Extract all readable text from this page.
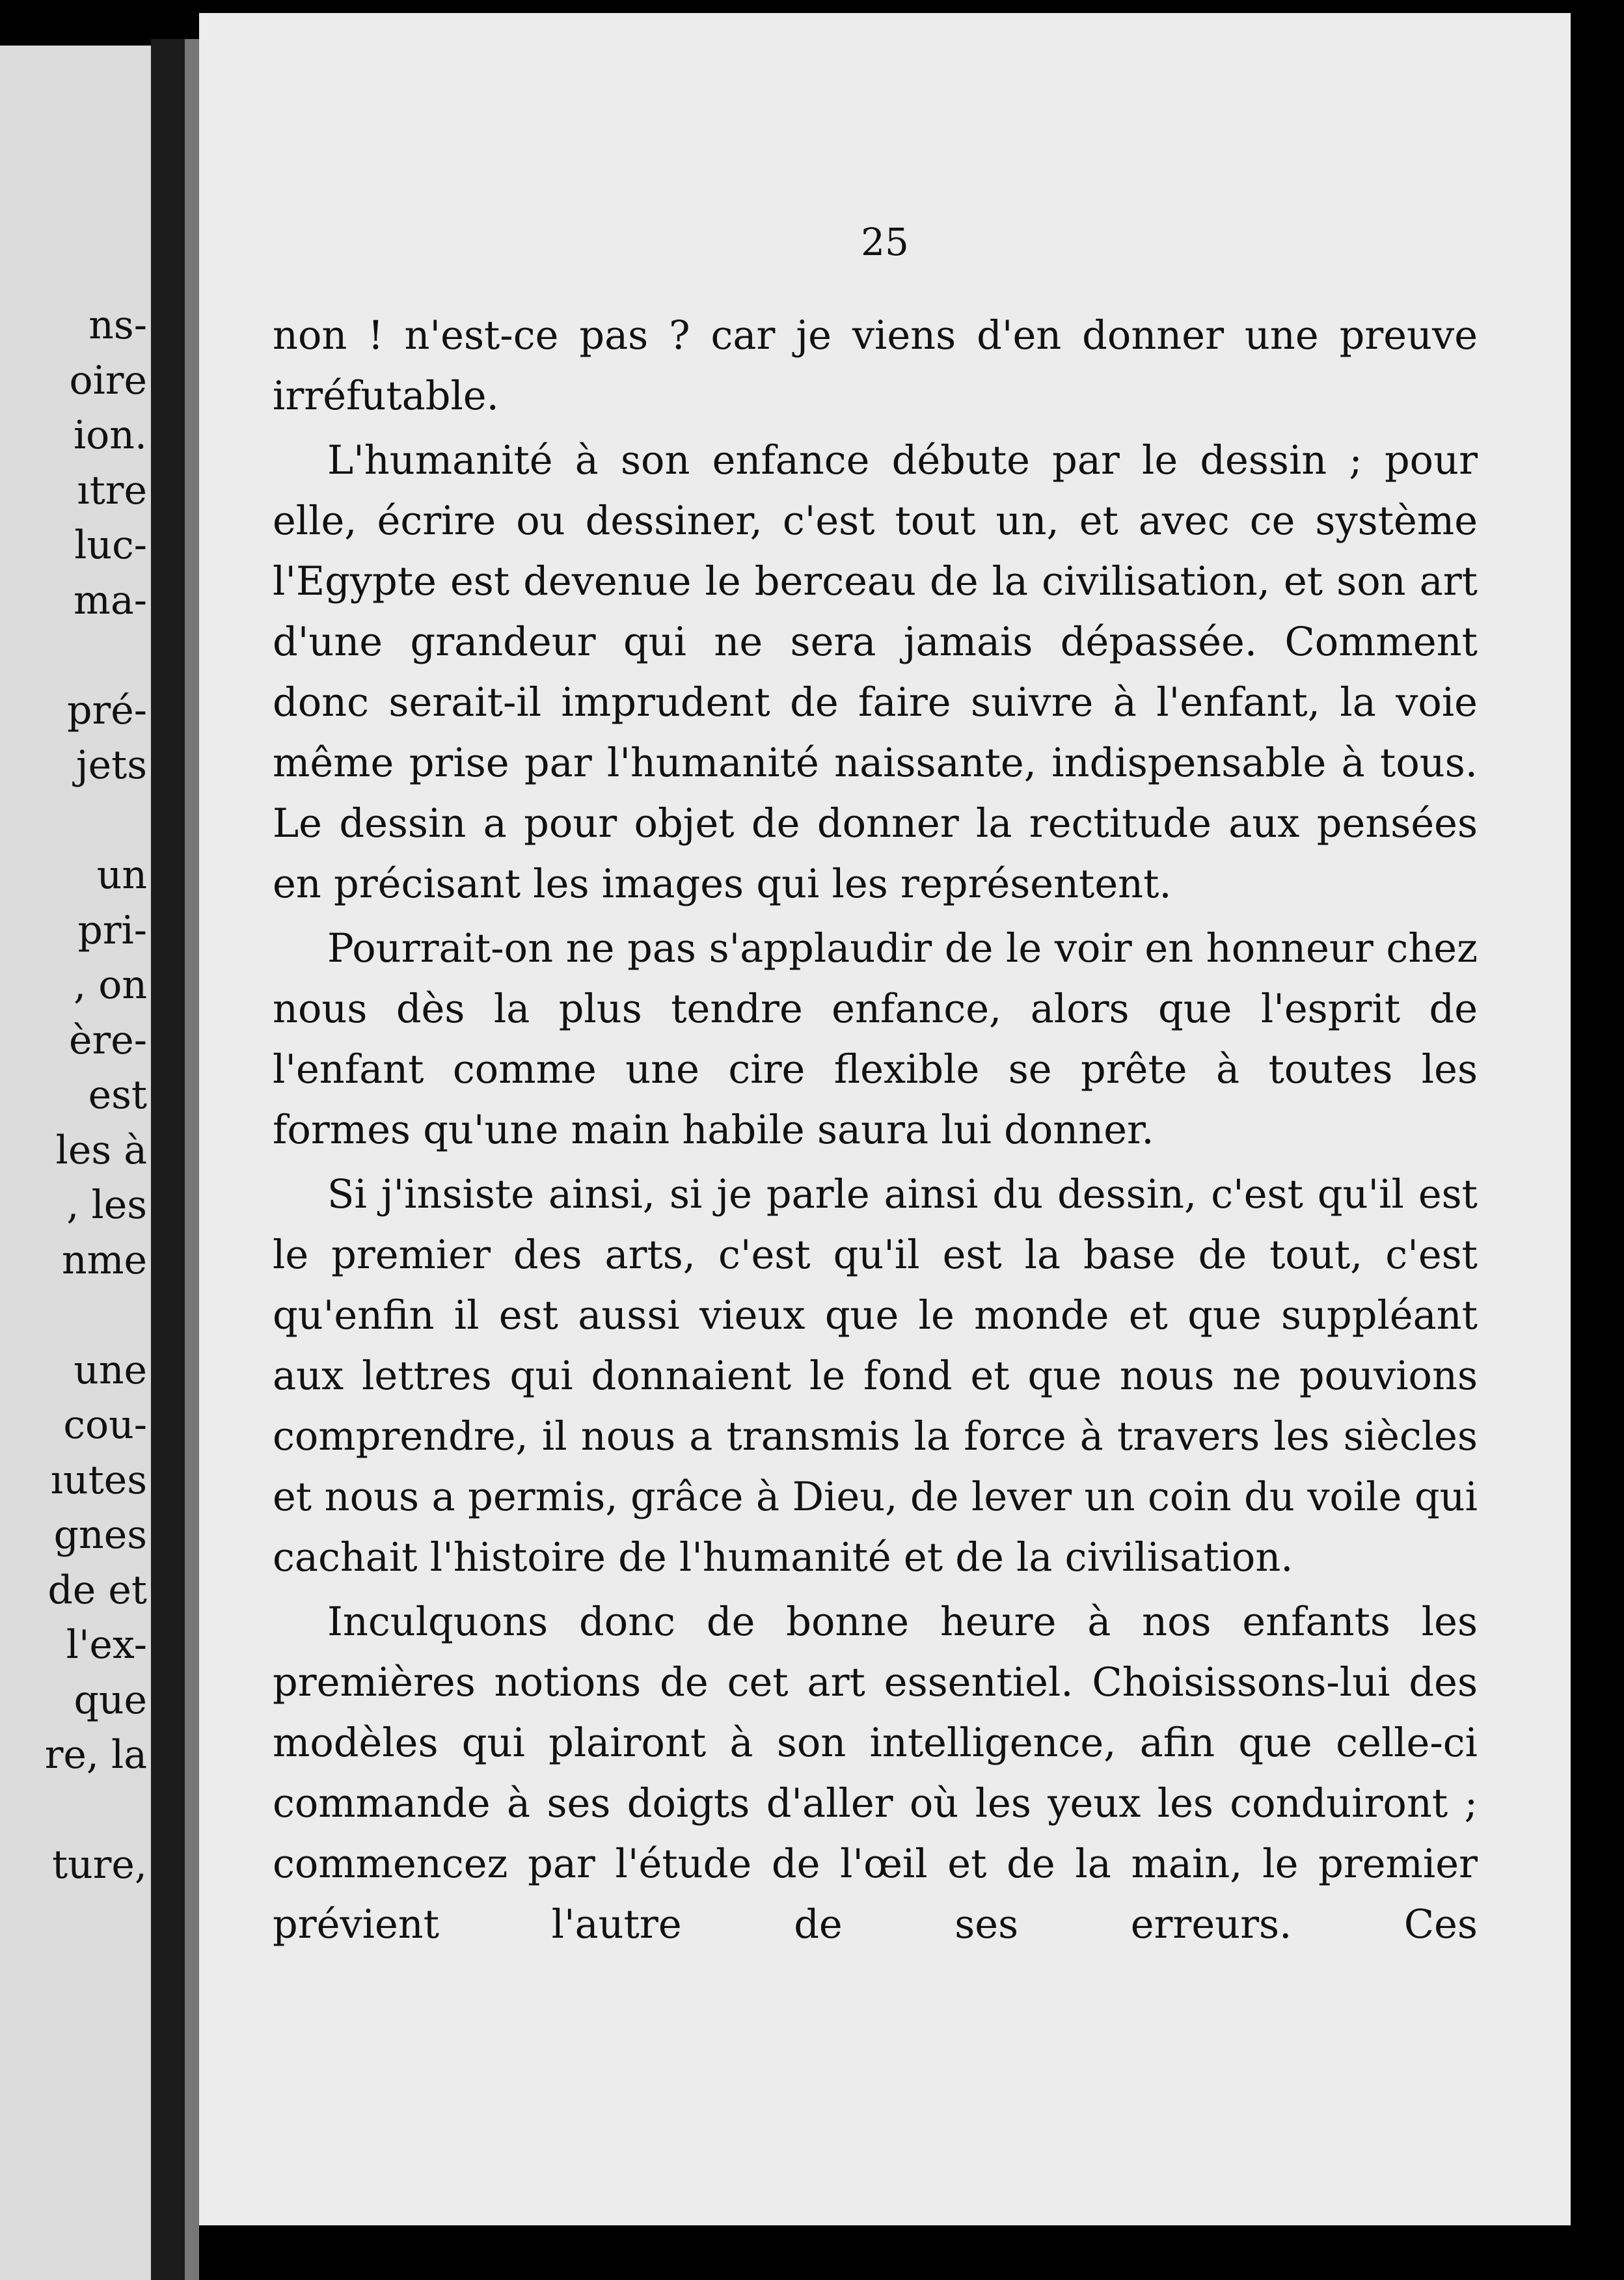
ns-
oire
ion.
ıtre
luc-
ma-
pré-
jets
un
pri-
, on
ère-
est
les à
, les
nme
une
cou-
ıutes
gnes
de et
l'ex-
que
re, la
ture,
25

non ! n'est-ce pas ? car je viens d'en donner une preuve irréfutable.

L'humanité à son enfance débute par le dessin ; pour elle, écrire ou dessiner, c'est tout un, et avec ce système l'Egypte est devenue le berceau de la civilisation, et son art d'une grandeur qui ne sera jamais dépassée. Comment donc serait-il imprudent de faire suivre à l'enfant, la voie même prise par l'humanité naissante, indispensable à tous. Le dessin a pour objet de donner la rectitude aux pensées en précisant les images qui les représentent.

Pourrait-on ne pas s'applaudir de le voir en honneur chez nous dès la plus tendre enfance, alors que l'esprit de l'enfant comme une cire flexible se prête à toutes les formes qu'une main habile saura lui donner.

Si j'insiste ainsi, si je parle ainsi du dessin, c'est qu'il est le premier des arts, c'est qu'il est la base de tout, c'est qu'enfin il est aussi vieux que le monde et que suppléant aux lettres qui donnaient le fond et que nous ne pouvions comprendre, il nous a transmis la force à travers les siècles et nous a permis, grâce à Dieu, de lever un coin du voile qui cachait l'histoire de l'humanité et de la civilisation.

Inculquons donc de bonne heure à nos enfants les premières notions de cet art essentiel. Choisissons-lui des modèles qui plairont à son intelligence, afin que celle-ci commande à ses doigts d'aller où les yeux les conduiront ; commencez par l'étude de l'œil et de la main, le premier prévient l'autre de ses erreurs. Ces
